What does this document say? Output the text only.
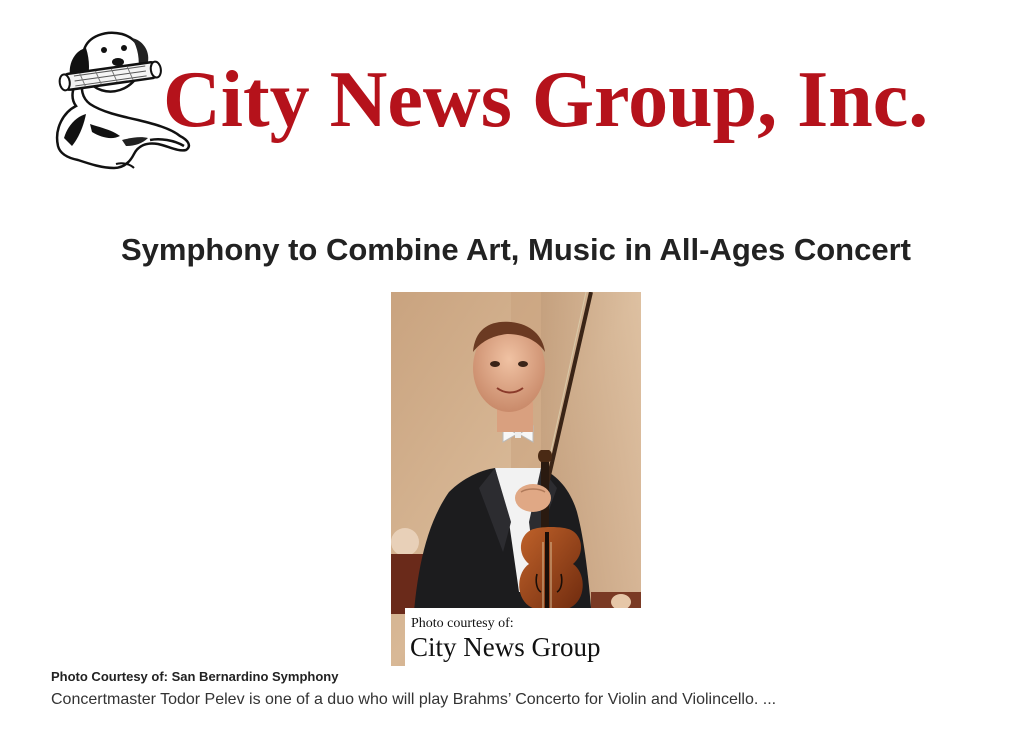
City News Group, Inc.
Symphony to Combine Art, Music in All-Ages Concert
Photo courtesy of:
City News Group
Photo Courtesy of: San Bernardino Symphony

Concertmaster Todor Pelev is one of a duo who will play Brahms’ Concerto for Violin and Violincello. ...
